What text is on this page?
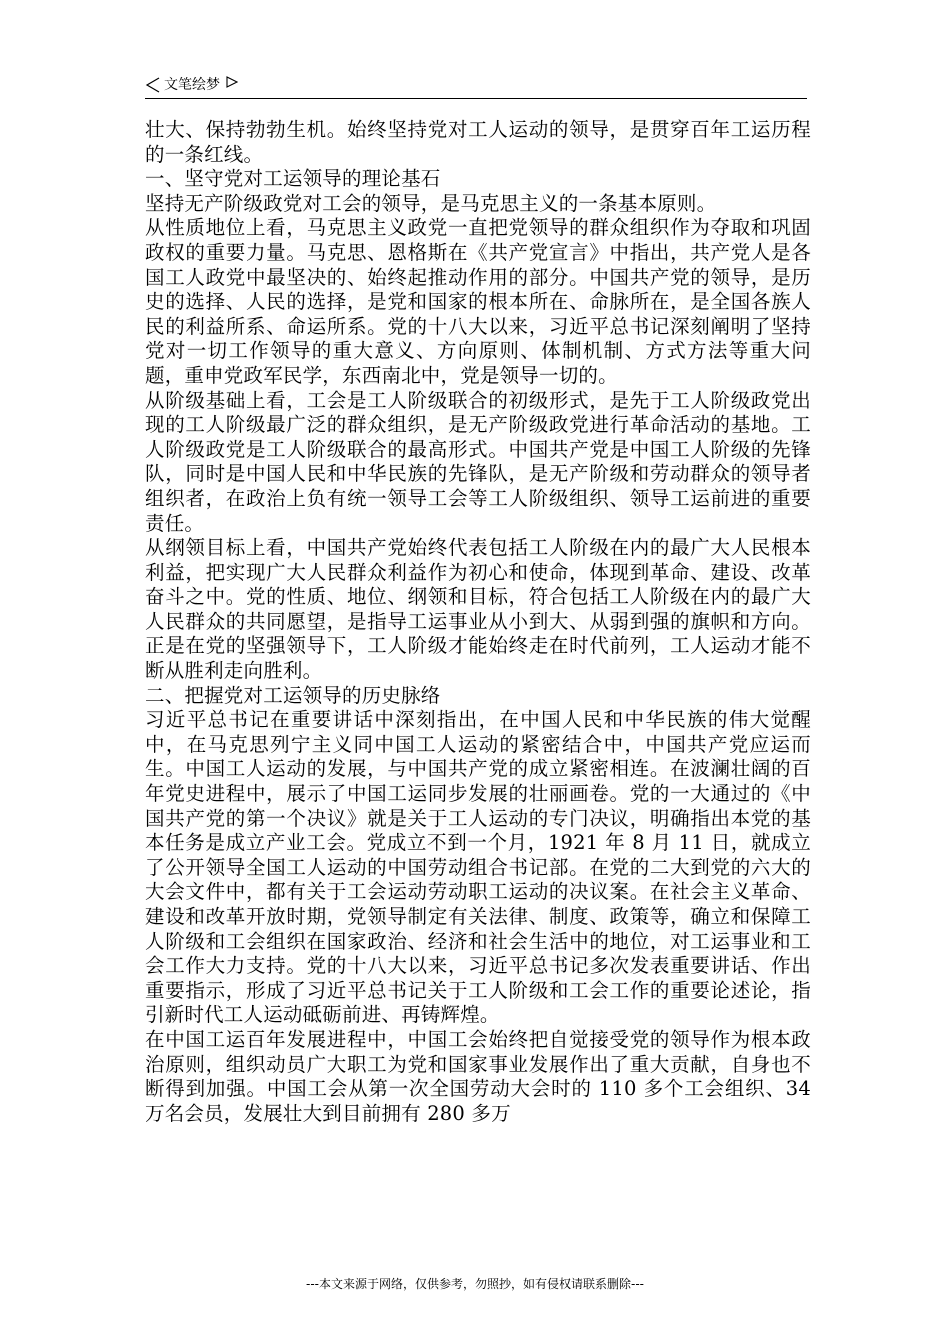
文笔绘梦

壮大、保持勃勃生机。始终坚持党对工人运动的领导，是贯穿百年工运历程的一条红线。

一、坚守党对工运领导的理论基石

坚持无产阶级政党对工会的领导，是马克思主义的一条基本原则。

从性质地位上看，马克思主义政党一直把党领导的群众组织作为夺取和巩固政权的重要力量。马克思、恩格斯在《共产党宣言》中指出，共产党人是各国工人政党中最坚决的、始终起推动作用的部分。中国共产党的领导，是历史的选择、人民的选择，是党和国家的根本所在、命脉所在，是全国各族人民的利益所系、命运所系。党的十八大以来，习近平总书记深刻阐明了坚持党对一切工作领导的重大意义、方向原则、体制机制、方式方法等重大问题，重申党政军民学，东西南北中，党是领导一切的。

从阶级基础上看，工会是工人阶级联合的初级形式，是先于工人阶级政党出现的工人阶级最广泛的群众组织，是无产阶级政党进行革命活动的基地。工人阶级政党是工人阶级联合的最高形式。中国共产党是中国工人阶级的先锋队，同时是中国人民和中华民族的先锋队，是无产阶级和劳动群众的领导者组织者，在政治上负有统一领导工会等工人阶级组织、领导工运前进的重要责任。

从纲领目标上看，中国共产党始终代表包括工人阶级在内的最广大人民根本利益，把实现广大人民群众利益作为初心和使命，体现到革命、建设、改革奋斗之中。党的性质、地位、纲领和目标，符合包括工人阶级在内的最广大人民群众的共同愿望，是指导工运事业从小到大、从弱到强的旗帜和方向。正是在党的坚强领导下，工人阶级才能始终走在时代前列，工人运动才能不断从胜利走向胜利。

二、把握党对工运领导的历史脉络

习近平总书记在重要讲话中深刻指出，在中国人民和中华民族的伟大觉醒中，在马克思列宁主义同中国工人运动的紧密结合中，中国共产党应运而生。中国工人运动的发展，与中国共产党的成立紧密相连。在波澜壮阔的百年党史进程中，展示了中国工运同步发展的壮丽画卷。党的一大通过的《中国共产党的第一个决议》就是关于工人运动的专门决议，明确指出本党的基本任务是成立产业工会。党成立不到一个月，1921 年 8 月 11 日，就成立了公开领导全国工人运动的中国劳动组合书记部。在党的二大到党的六大的大会文件中，都有关于工会运动劳动职工运动的决议案。在社会主义革命、建设和改革开放时期，党领导制定有关法律、制度、政策等，确立和保障工人阶级和工会组织在国家政治、经济和社会生活中的地位，对工运事业和工会工作大力支持。党的十八大以来，习近平总书记多次发表重要讲话、作出重要指示，形成了习近平总书记关于工人阶级和工会工作的重要论述论，指引新时代工人运动砥砺前进、再铸辉煌。

在中国工运百年发展进程中，中国工会始终把自觉接受党的领导作为根本政治原则，组织动员广大职工为党和国家事业发展作出了重大贡献，自身也不断得到加强。中国工会从第一次全国劳动大会时的 110 多个工会组织、34 万名会员，发展壮大到目前拥有 280 多万

---本文来源于网络，仅供参考，勿照抄，如有侵权请联系删除---
